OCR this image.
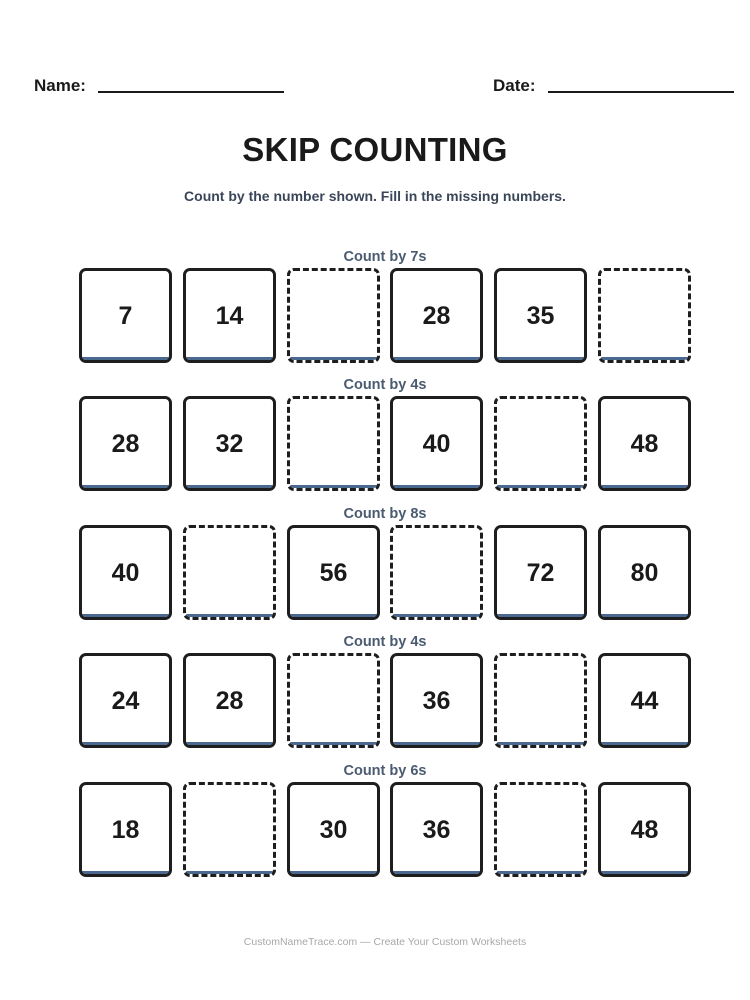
Name:	Date:
SKIP COUNTING
Count by the number shown. Fill in the missing numbers.
Count by 7s
7	14	28	35
Count by 4s
28	32	40	48
Count by 8s
40	56	72	80
Count by 4s
24	28	36	44
Count by 6s
18	30	36	48
CustomNameTrace.com — Create Your Custom Worksheets
